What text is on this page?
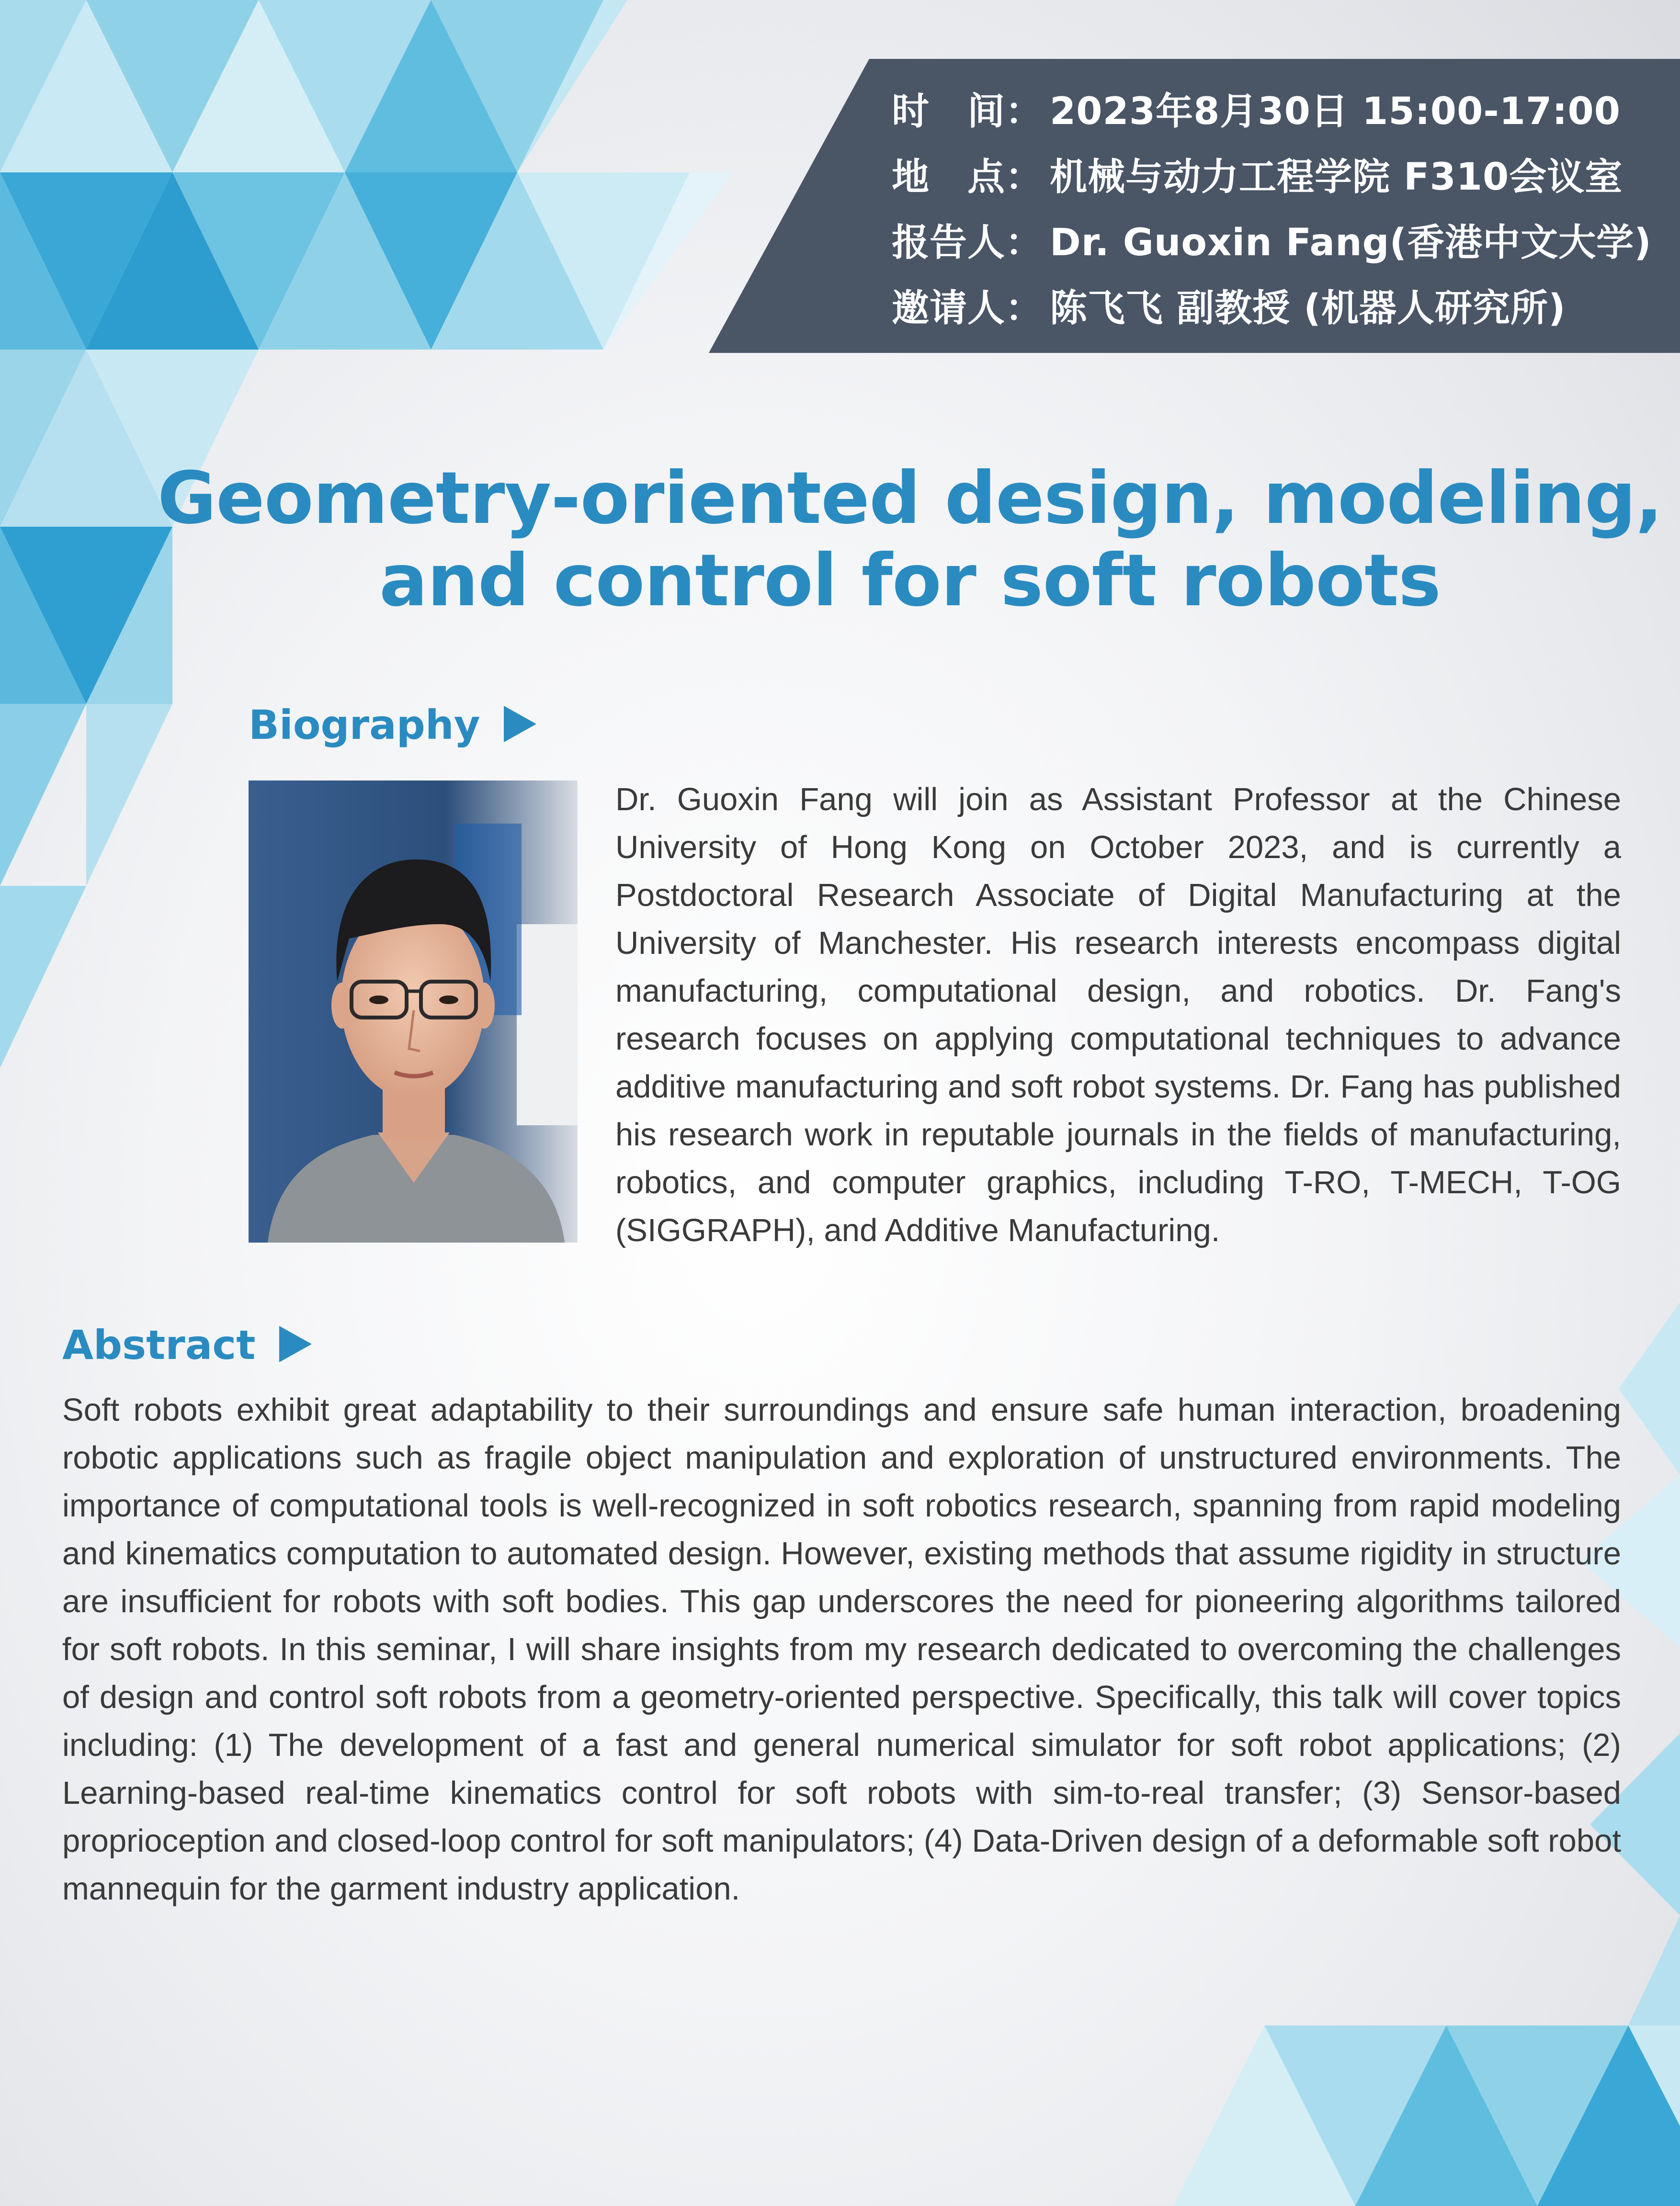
时　间： 2023年8月30日 15:00-17:00
地　点： 机械与动力工程学院 F310会议室
报告人： Dr. Guoxin Fang(香港中文大学)
邀请人： 陈飞飞 副教授 (机器人研究所)
Geometry-oriented design, modeling,
and control for soft robots
Biography
Dr. Guoxin Fang will join as Assistant Professor at the Chinese University of Hong Kong on October 2023, and is currently a Postdoctoral Research Associate of Digital Manufacturing at the University of Manchester. His research interests encompass digital manufacturing, computational design, and robotics. Dr. Fang's research focuses on applying computational techniques to advance additive manufacturing and soft robot systems. Dr. Fang has published his research work in reputable journals in the fields of manufacturing, robotics, and computer graphics, including T-RO, T-MECH, T-OG (SIGGRAPH), and Additive Manufacturing.
Abstract
Soft robots exhibit great adaptability to their surroundings and ensure safe human interaction, broadening robotic applications such as fragile object manipulation and exploration of unstructured environments. The importance of computational tools is well-recognized in soft robotics research, spanning from rapid modeling and kinematics computation to automated design. However, existing methods that assume rigidity in structure are insufficient for robots with soft bodies. This gap underscores the need for pioneering algorithms tailored for soft robots. In this seminar, I will share insights from my research dedicated to overcoming the challenges of design and control soft robots from a geometry-oriented perspective. Specifically, this talk will cover topics including: (1) The development of a fast and general numerical simulator for soft robot applications; (2) Learning-based real-time kinematics control for soft robots with sim-to-real transfer; (3) Sensor-based proprioception and closed-loop control for soft manipulators; (4) Data-Driven design of a deformable soft robot mannequin for the garment industry application.
